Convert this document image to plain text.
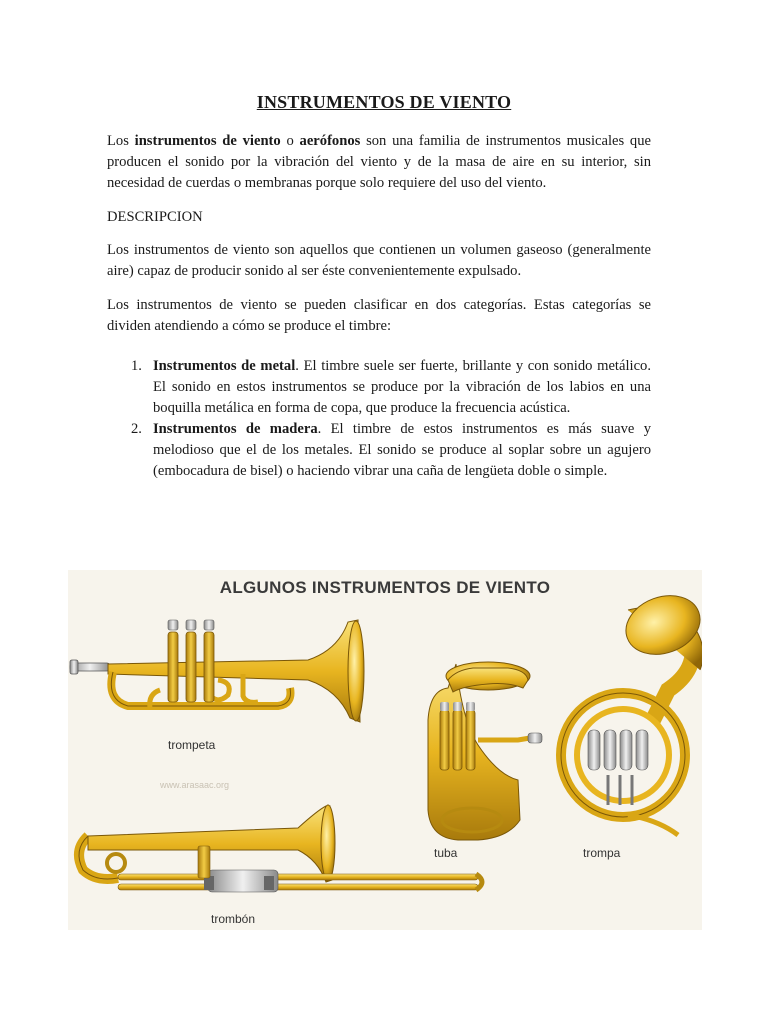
INSTRUMENTOS DE VIENTO
Los instrumentos de viento o aerófonos son una familia de instrumentos musicales que producen el sonido por la vibración del viento y de la masa de aire en su interior, sin necesidad de cuerdas o membranas porque solo requiere del uso del viento.
DESCRIPCION
Los instrumentos de viento son aquellos que contienen un volumen gaseoso (generalmente aire) capaz de producir sonido al ser éste convenientemente expulsado.
Los instrumentos de viento se pueden clasificar en dos categorías. Estas categorías se dividen atendiendo a cómo se produce el timbre:
1. Instrumentos de metal. El timbre suele ser fuerte, brillante y con sonido metálico. El sonido en estos instrumentos se produce por la vibración de los labios en una boquilla metálica en forma de copa, que produce la frecuencia acústica.
2. Instrumentos de madera. El timbre de estos instrumentos es más suave y melodioso que el de los metales. El sonido se produce al soplar sobre un agujero (embocadura de bisel) o haciendo vibrar una caña de lengüeta doble o simple.
ALGUNOS INSTRUMENTOS DE VIENTO
trompeta
www.arasaac.org
tuba	trompa
trombón
